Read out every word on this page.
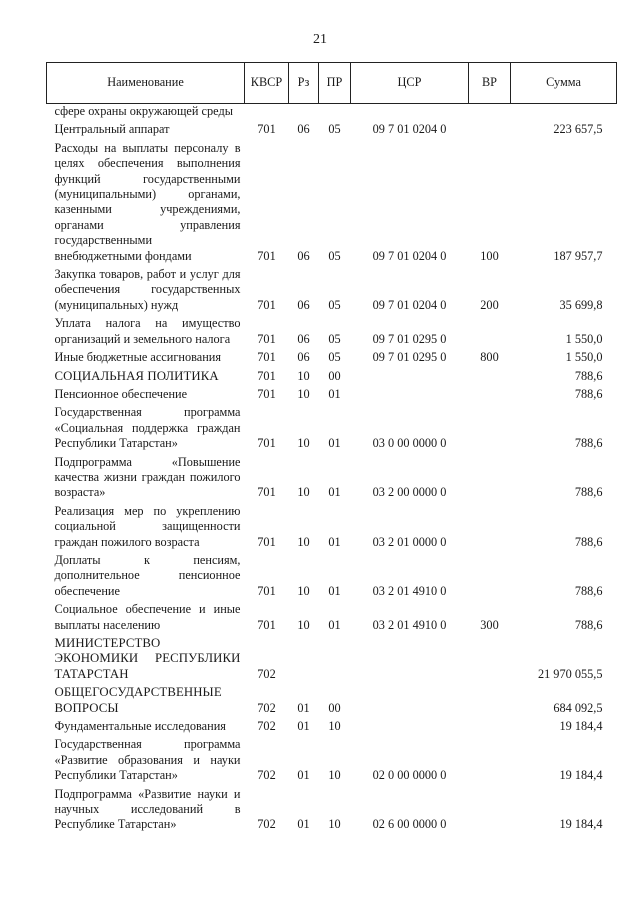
21
Наименование	КВСР	Рз	ПР	ЦСР	ВР	Сумма
сфере охраны окружающей среды						
Центральный аппарат	701	06	05	09 7 01 0204 0		223 657,5
Расходы на выплаты персоналу в целях обеспечения выполнения функций государственными (муниципальными) органами, казенными учреждениями, органами управления государственными внебюджетными фондами	701	06	05	09 7 01 0204 0	100	187 957,7
Закупка товаров, работ и услуг для обеспечения государственных (муниципальных) нужд	701	06	05	09 7 01 0204 0	200	35 699,8
Уплата налога на имущество организаций и земельного налога	701	06	05	09 7 01 0295 0		1 550,0
Иные бюджетные ассигнования	701	06	05	09 7 01 0295 0	800	1 550,0
СОЦИАЛЬНАЯ ПОЛИТИКА	701	10	00			788,6
Пенсионное обеспечение	701	10	01			788,6
Государственная программа «Социальная поддержка граждан Республики Татарстан»	701	10	01	03 0 00 0000 0		788,6
Подпрограмма «Повышение качества жизни граждан пожилого возраста»	701	10	01	03 2 00 0000 0		788,6
Реализация мер по укреплению социальной защищенности граждан пожилого возраста	701	10	01	03 2 01 0000 0		788,6
Доплаты к пенсиям, дополнительное пенсионное обеспечение	701	10	01	03 2 01 4910 0		788,6
Социальное обеспечение и иные выплаты населению	701	10	01	03 2 01 4910 0	300	788,6
МИНИСТЕРСТВО ЭКОНОМИКИ РЕСПУБЛИКИ ТАТАРСТАН	702					21 970 055,5
ОБЩЕГОСУДАРСТВЕННЫЕ ВОПРОСЫ	702	01	00			684 092,5
Фундаментальные исследования	702	01	10			19 184,4
Государственная программа «Развитие образования и науки Республики Татарстан»	702	01	10	02 0 00 0000 0		19 184,4
Подпрограмма «Развитие науки и научных исследований в Республике Татарстан»	702	01	10	02 6 00 0000 0		19 184,4
